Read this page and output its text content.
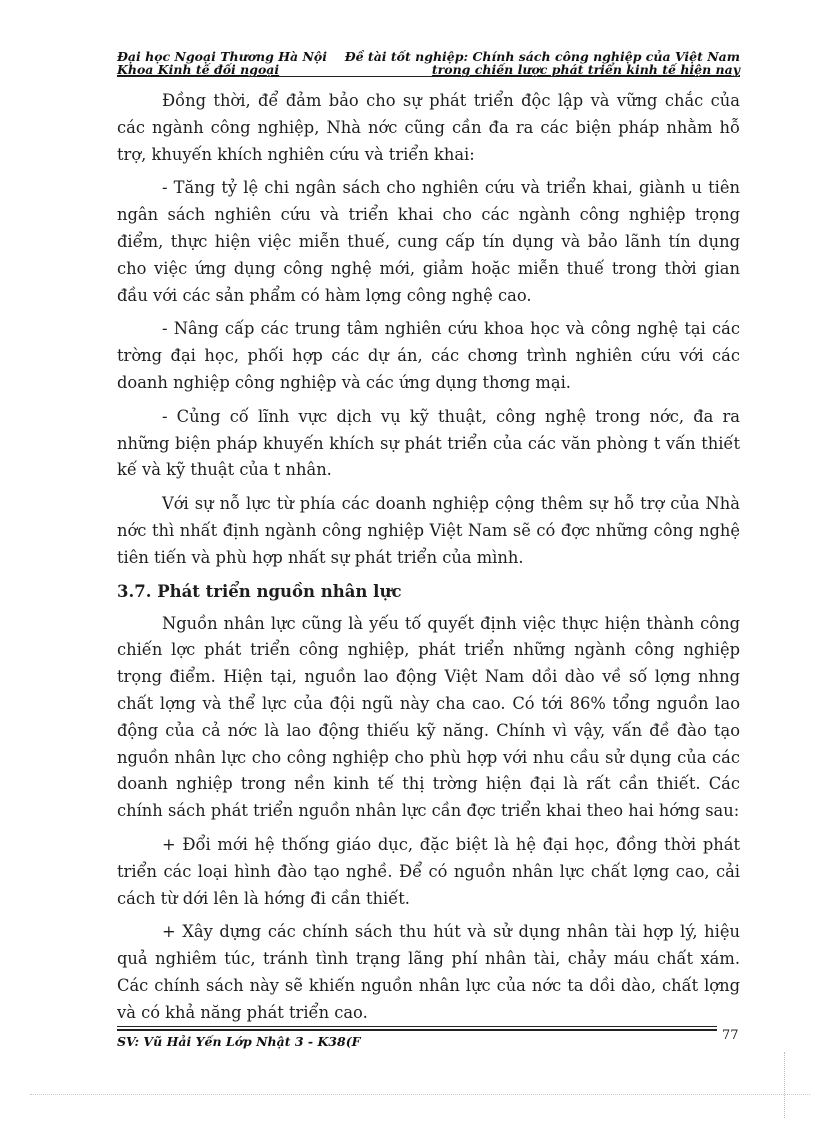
Đại học Ngoại Thương Hà Nội
Khoa Kinh tế đối ngoại
Đề tài tốt nghiệp: Chính sách công nghiệp của Việt Nam
trong chiến lược phát triển kinh tế hiện nay

Đồng thời, để đảm bảo cho sự phát triển độc lập và vững chắc của các ngành công nghiệp, Nhà nớc cũng cần đa ra các biện pháp nhằm hỗ trợ, khuyến khích nghiên cứu và triển khai:

- Tăng tỷ lệ chi ngân sách cho nghiên cứu và triển khai, giành u tiên ngân sách nghiên cứu và triển khai cho các ngành công nghiệp trọng điểm, thực hiện việc miễn thuế, cung cấp tín dụng và bảo lãnh tín dụng cho việc ứng dụng công nghệ mới, giảm hoặc miễn thuế trong thời gian đầu với các sản phẩm có hàm lợng công nghệ cao.

- Nâng cấp các trung tâm nghiên cứu khoa học và công nghệ tại các trờng đại học, phối hợp các dự án, các chơng trình nghiên cứu với các doanh nghiệp công nghiệp và các ứng dụng thơng mại.

- Củng cố lĩnh vực dịch vụ kỹ thuật, công nghệ trong nớc, đa ra những biện pháp khuyến khích sự phát triển của các văn phòng t vấn thiết kế và kỹ thuật của t nhân.

Với sự nỗ lực từ phía các doanh nghiệp cộng thêm sự hỗ trợ của Nhà nớc thì nhất định ngành công nghiệp Việt Nam sẽ có đợc những công nghệ tiên tiến và phù hợp nhất sự phát triển của mình.

3.7. Phát triển nguồn nhân lực

Nguồn nhân lực cũng là yếu tố quyết định việc thực hiện thành công chiến lợc phát triển công nghiệp, phát triển những ngành công nghiệp trọng điểm. Hiện tại, nguồn lao động Việt Nam dồi dào về số lợng nhng chất lợng và thể lực của đội ngũ này cha cao. Có tới 86% tổng nguồn lao động của cả nớc là lao động thiếu kỹ năng. Chính vì vậy, vấn đề đào tạo nguồn nhân lực cho công nghiệp cho phù hợp với nhu cầu sử dụng của các doanh nghiệp trong nền kinh tế thị trờng hiện đại là rất cần thiết. Các chính sách phát triển nguồn nhân lực cần đợc triển khai theo hai hớng sau:

+ Đổi mới hệ thống giáo dục, đặc biệt là hệ đại học, đồng thời phát triển các loại hình đào tạo nghề. Để có nguồn nhân lực chất lợng cao, cải cách từ dới lên là hớng đi cần thiết.

+ Xây dựng các chính sách thu hút và sử dụng nhân tài hợp lý, hiệu quả nghiêm túc, tránh tình trạng lãng phí nhân tài, chảy máu chất xám. Các chính sách này sẽ khiến nguồn nhân lực của nớc ta dồi dào, chất lợng và có khả năng phát triển cao.

SV: Vũ Hải Yến Lớp Nhật 3 - K38(F	77
